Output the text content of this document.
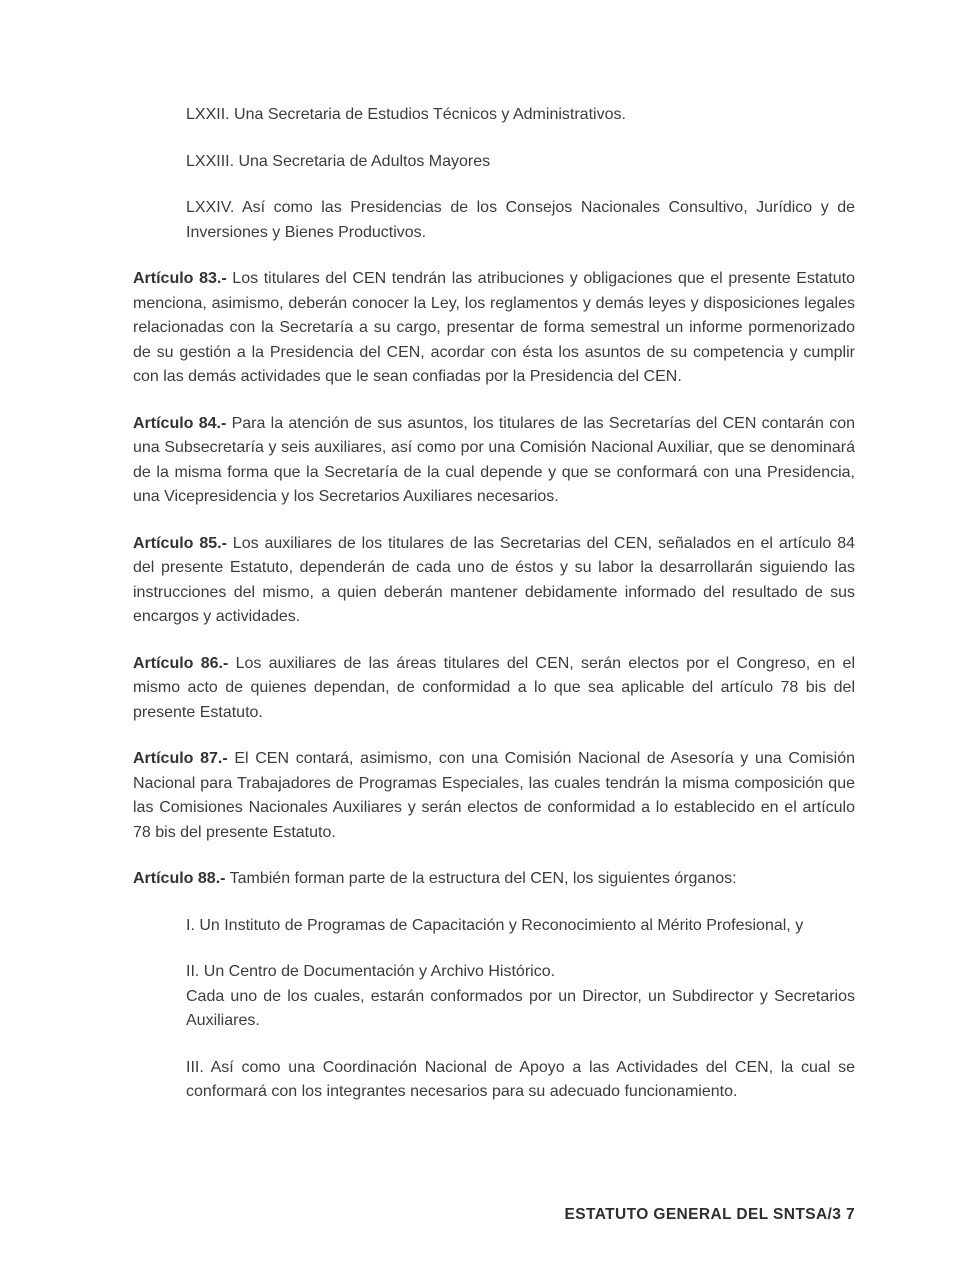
LXXII. Una Secretaria de Estudios Técnicos y Administrativos.

LXXIII. Una Secretaria de Adultos Mayores

LXXIV. Así como las Presidencias de los Consejos Nacionales Consultivo, Jurídico y de Inversiones y Bienes Productivos.

Artículo 83.- Los titulares del CEN tendrán las atribuciones y obligaciones que el presente Estatuto menciona, asimismo, deberán conocer la Ley, los reglamentos y demás leyes y disposiciones legales relacionadas con la Secretaría a su cargo, presentar de forma semestral un informe pormenorizado de su gestión a la Presidencia del CEN, acordar con ésta los asuntos de su competencia y cumplir con las demás actividades que le sean confiadas por la Presidencia del CEN.

Artículo 84.- Para la atención de sus asuntos, los titulares de las Secretarías del CEN contarán con una Subsecretaría y seis auxiliares, así como por una Comisión Nacional Auxiliar, que se denominará de la misma forma que la Secretaría de la cual depende y que se conformará con una Presidencia, una Vicepresidencia y los Secretarios Auxiliares necesarios.

Artículo 85.- Los auxiliares de los titulares de las Secretarias del CEN, señalados en el artículo 84 del presente Estatuto, dependerán de cada uno de éstos y su labor la desarrollarán siguiendo las instrucciones del mismo, a quien deberán mantener debidamente informado del resultado de sus encargos y actividades.

Artículo 86.- Los auxiliares de las áreas titulares del CEN, serán electos por el Congreso, en el mismo acto de quienes dependan, de conformidad a lo que sea aplicable del artículo 78 bis del presente Estatuto.

Artículo 87.- El CEN contará, asimismo, con una Comisión Nacional de Asesoría y una Comisión Nacional para Trabajadores de Programas Especiales, las cuales tendrán la misma composición que las Comisiones Nacionales Auxiliares y serán electos de conformidad a lo establecido en el artículo 78 bis del presente Estatuto.

Artículo 88.- También forman parte de la estructura del CEN, los siguientes órganos:

I. Un Instituto de Programas de Capacitación y Reconocimiento al Mérito Profesional, y

II. Un Centro de Documentación y Archivo Histórico.
Cada uno de los cuales, estarán conformados por un Director, un Subdirector y Secretarios Auxiliares.

III. Así como una Coordinación Nacional de Apoyo a las Actividades del CEN, la cual se conformará con los integrantes necesarios para su adecuado funcionamiento.

ESTATUTO GENERAL DEL SNTSA/3 7
